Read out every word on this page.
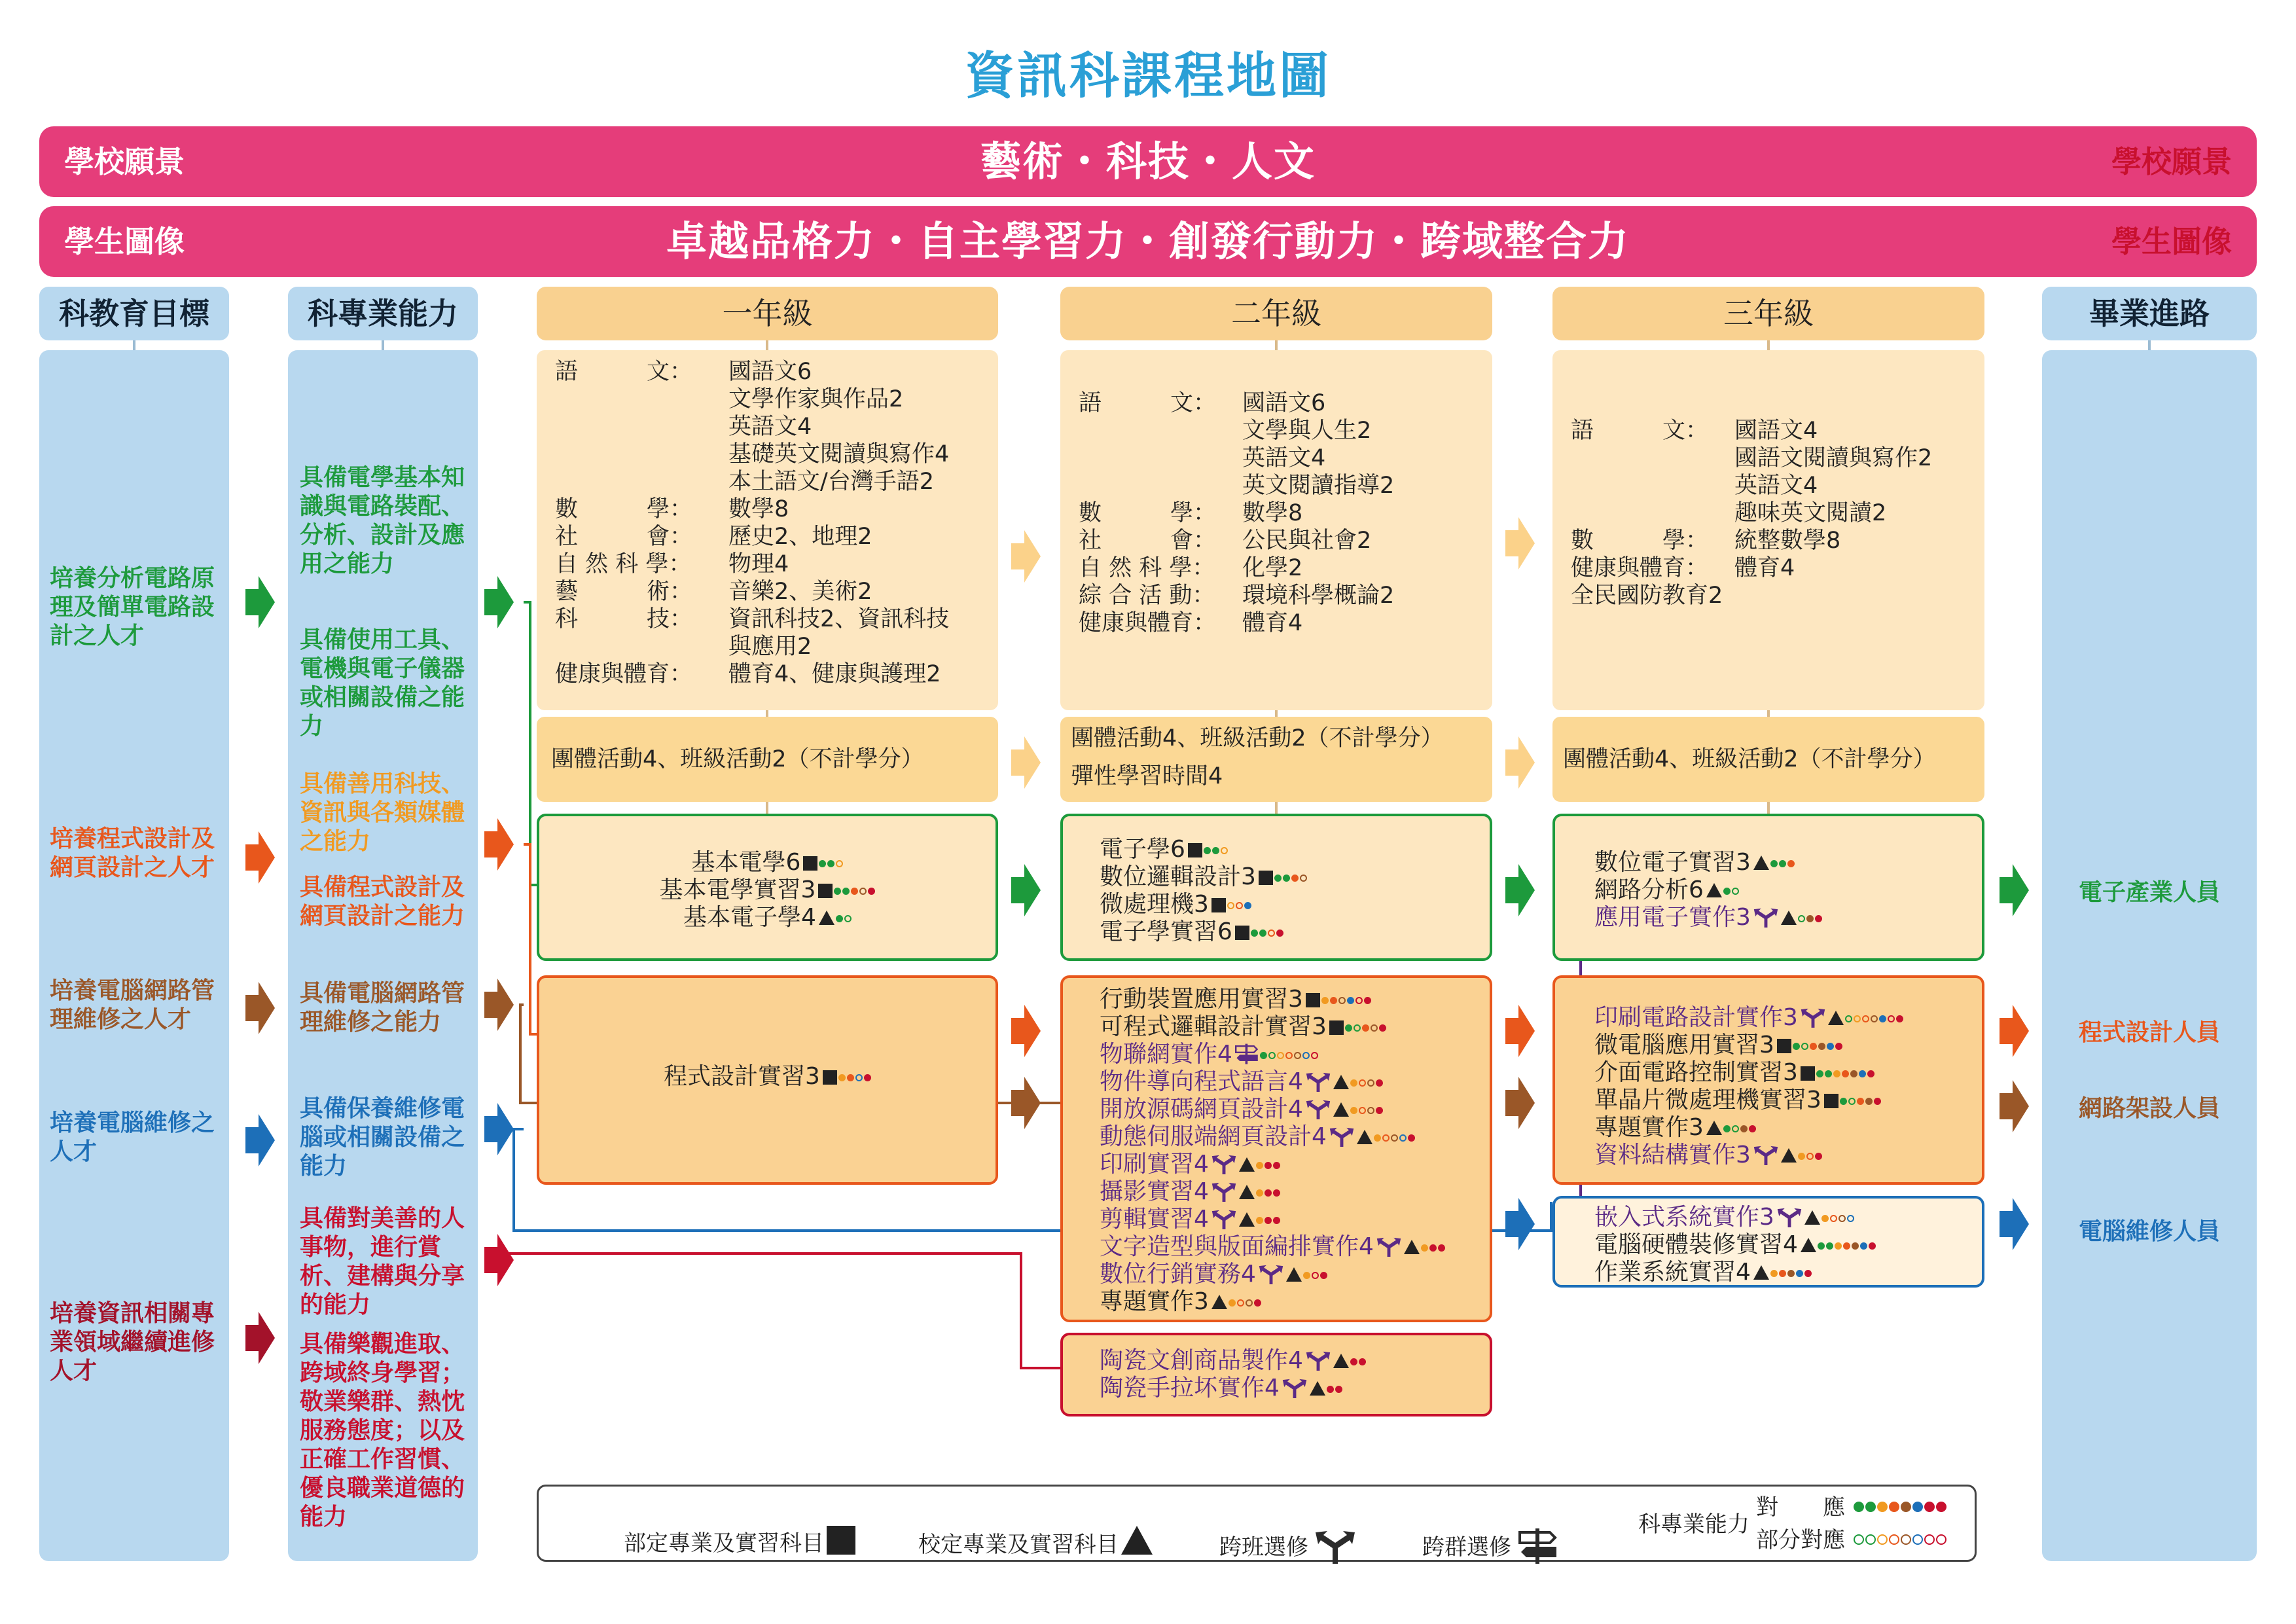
資訊科課程地圖
學校願景	藝術・科技・人文	學校願景
學生圖像	卓越品格力・自主學習力・創發行動力・跨域整合力	學生圖像
科教育目標	科專業能力	一年級	二年級	三年級	畢業進路
培養分析電路原理及簡單電路設計之人才
培養程式設計及網頁設計之人才
培養電腦網路管理維修之人才
培養電腦維修之人才
培養資訊相關專業領域繼續進修人才
具備電學基本知識與電路裝配、分析、設計及應用之能力
具備使用工具、電機與電子儀器或相關設備之能力
具備善用科技、資訊與各類媒體之能力
具備程式設計及網頁設計之能力
具備電腦網路管理維修之能力
具備保養維修電腦或相關設備之能力
具備對美善的人事物，進行賞析、建構與分享的能力
具備樂觀進取、跨域終身學習；敬業樂群、熱忱服務態度；以及正確工作習慣、優良職業道德的能力
語　　　文： 國語文6
文學作家與作品2
英語文4
基礎英文閱讀與寫作4
本土語文/台灣手語2
數　　　學： 數學8
社　　　會： 歷史2、地理2
自 然 科 學： 物理4
藝　　　術： 音樂2、美術2
科　　　技： 資訊科技2、資訊科技
與應用2
健康與體育： 體育4、健康與護理2
語　　　文： 國語文6
文學與人生2
英語文4
英文閱讀指導2
數　　　學： 數學8
社　　　會： 公民與社會2
自 然 科 學： 化學2
綜 合 活 動： 環境科學概論2
健康與體育： 體育4
語　　　文： 國語文4
國語文閱讀與寫作2
英語文4
趣味英文閱讀2
數　　　學： 統整數學8
健康與體育： 體育4
全民國防教育2
團體活動4、班級活動2（不計學分）
團體活動4、班級活動2（不計學分）
彈性學習時間4
團體活動4、班級活動2（不計學分）
基本電學6
基本電學實習3
基本電子學4
程式設計實習3
電子學6
數位邏輯設計3
微處理機3
電子學實習6
行動裝置應用實習3
可程式邏輯設計實習3
物聯網實作4
物件導向程式語言4
開放源碼網頁設計4
動態伺服端網頁設計4
印刷實習4
攝影實習4
剪輯實習4
文字造型與版面編排實作4
數位行銷實務4
專題實作3
陶瓷文創商品製作4
陶瓷手拉坏實作4
數位電子實習3
網路分析6
應用電子實作3
印刷電路設計實作3
微電腦應用實習3
介面電路控制實習3
單晶片微處理機實習3
專題實作3
資料結構實作3
嵌入式系統實作3
電腦硬體裝修實習4
作業系統實習4
電子產業人員
程式設計人員
網路架設人員
電腦維修人員
部定專業及實習科目	校定專業及實習科目	跨班選修	跨群選修
科專業能力
對　　應
部分對應
